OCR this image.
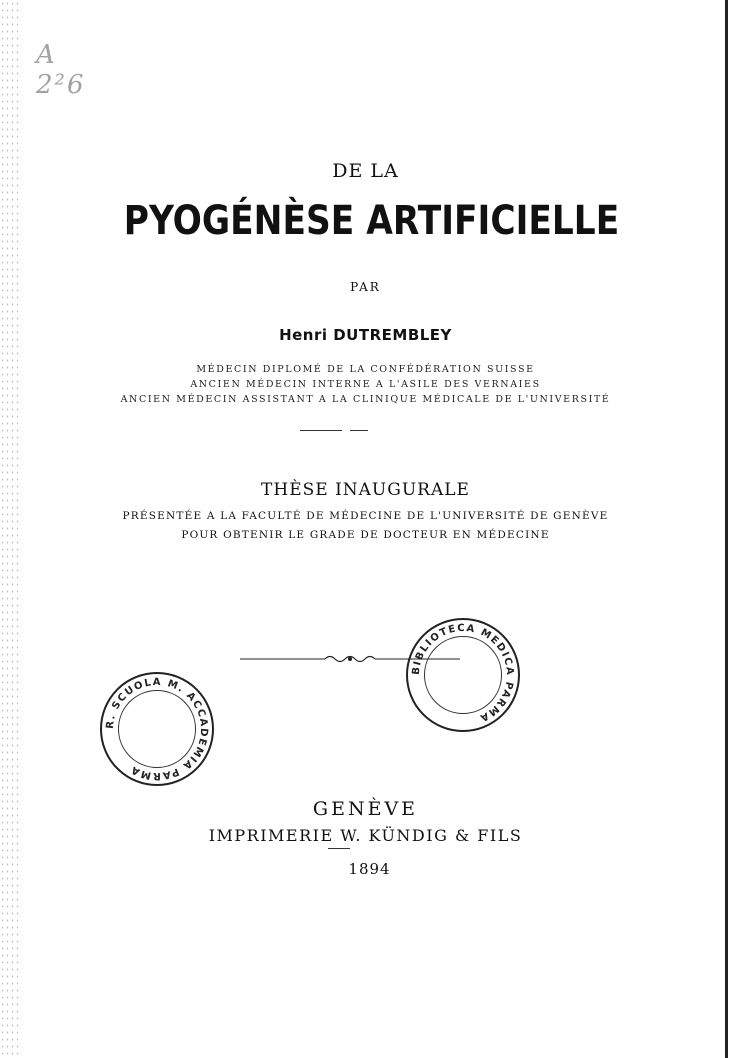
A 2²6
DE LA
PYOGÉNÈSE ARTIFICIELLE
PAR
Henri DUTREMBLEY
MÉDECIN DIPLOMÉ DE LA CONFÉDÉRATION SUISSE
ANCIEN MÉDECIN INTERNE A L'ASILE DES VERNAIES
ANCIEN MÉDECIN ASSISTANT A LA CLINIQUE MÉDICALE DE L'UNIVERSITÉ
THÈSE INAUGURALE
PRÉSENTÉE A LA FACULTÉ DE MÉDECINE DE L'UNIVERSITÉ DE GENÈVE
POUR OBTENIR LE GRADE DE DOCTEUR EN MÉDECINE
R. SCUOLA M. ACCADEMIA PARMA
BIBLIOTECA MEDICA PARMA
GENÈVE
IMPRIMERIE W. KÜNDIG & FILS
1894
